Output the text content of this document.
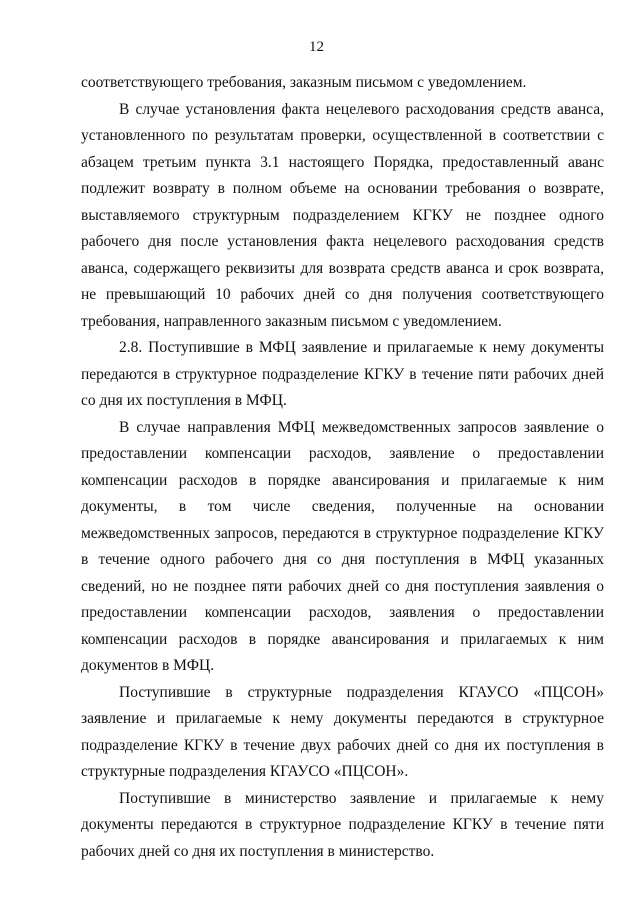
12

соответствующего требования, заказным письмом с уведомлением.

В случае установления факта нецелевого расходования средств аванса, установленного по результатам проверки, осуществленной в соответствии с абзацем третьим пункта 3.1 настоящего Порядка, предоставленный аванс подлежит возврату в полном объеме на основании требования о возврате, выставляемого структурным подразделением КГКУ не позднее одного рабочего дня после установления факта нецелевого расходования средств аванса, содержащего реквизиты для возврата средств аванса и срок возврата, не превышающий 10 рабочих дней со дня получения соответствующего требования, направленного заказным письмом с уведомлением.

2.8. Поступившие в МФЦ заявление и прилагаемые к нему документы передаются в структурное подразделение КГКУ в течение пяти рабочих дней со дня их поступления в МФЦ.

В случае направления МФЦ межведомственных запросов заявление о предоставлении компенсации расходов, заявление о предоставлении компенсации расходов в порядке авансирования и прилагаемые к ним документы, в том числе сведения, полученные на основании межведомственных запросов, передаются в структурное подразделение КГКУ в течение одного рабочего дня со дня поступления в МФЦ указанных сведений, но не позднее пяти рабочих дней со дня поступления заявления о предоставлении компенсации расходов, заявления о предоставлении компенсации расходов в порядке авансирования и прилагаемых к ним документов в МФЦ.

Поступившие в структурные подразделения КГАУСО «ПЦСОН» заявление и прилагаемые к нему документы передаются в структурное подразделение КГКУ в течение двух рабочих дней со дня их поступления в структурные подразделения КГАУСО «ПЦСОН».

Поступившие в министерство заявление и прилагаемые к нему документы передаются в структурное подразделение КГКУ в течение пяти рабочих дней со дня их поступления в министерство.
